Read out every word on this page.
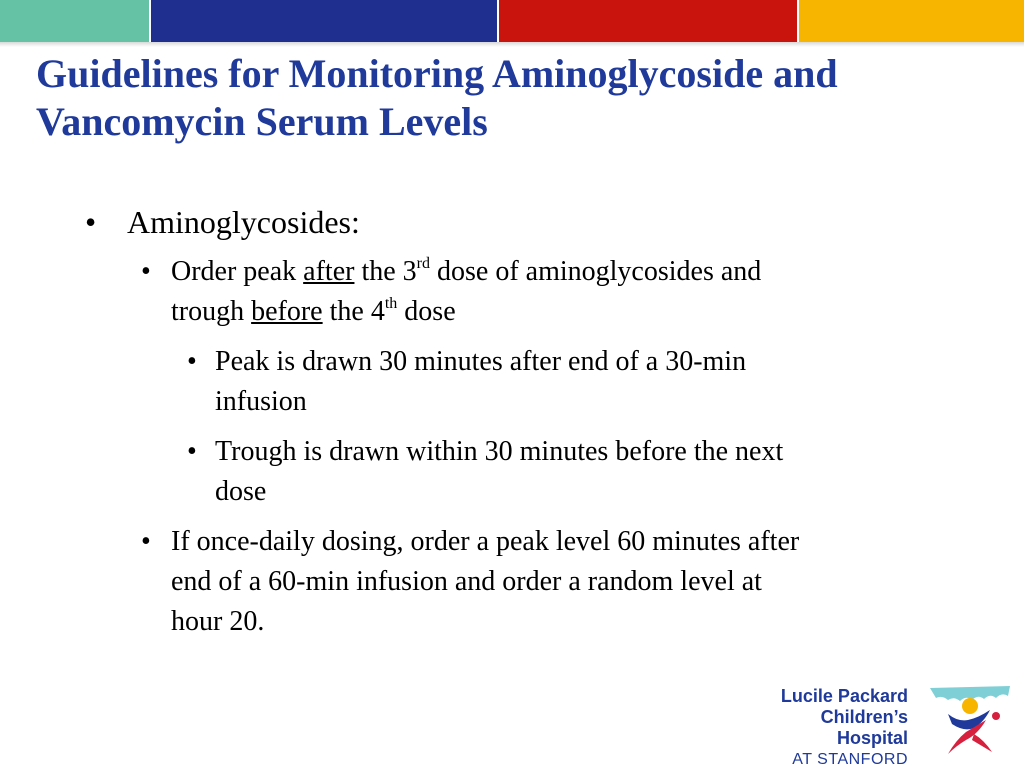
Guidelines for Monitoring Aminoglycoside and
Vancomycin Serum Levels
• Aminoglycosides:
• Order peak after the 3rd dose of aminoglycosides and
trough before the 4th dose
• Peak is drawn 30 minutes after end of a 30-min
infusion
• Trough is drawn within 30 minutes before the next
dose
• If once-daily dosing, order a peak level 60 minutes after
end of a 60-min infusion and order a random level at
hour 20.
Lucile Packard
Children’s Hospital
AT STANFORD
